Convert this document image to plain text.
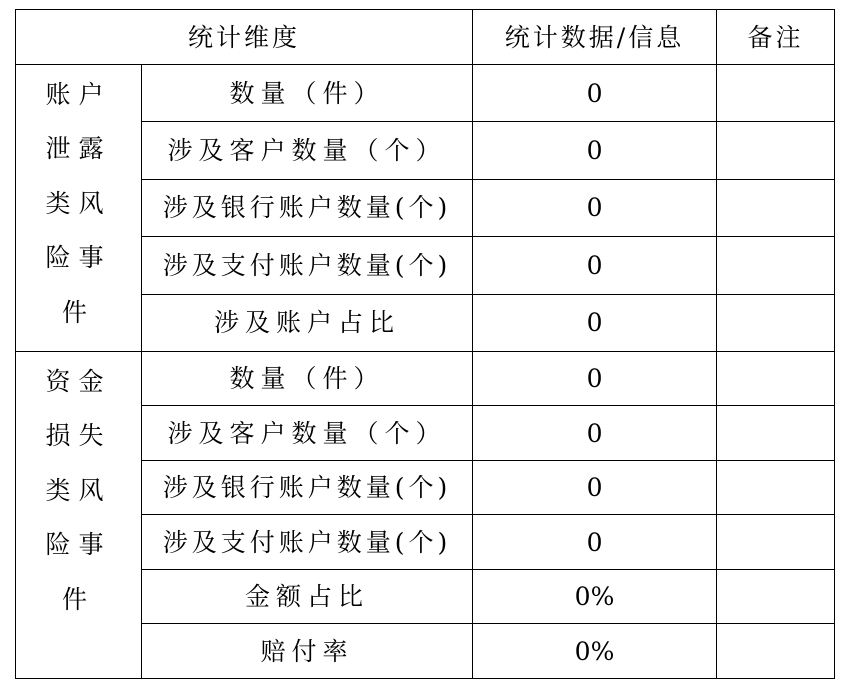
统计维度		统计数据/信息	备注

账户
泄露
类风
险事
件	数量（件）	0	
	涉及客户数量（个）	0	
	涉及银行账户数量(个)	0	
	涉及支付账户数量(个)	0	
	涉及账户占比	0	

资金
损失
类风
险事
件	数量（件）	0	
	涉及客户数量（个）	0	
	涉及银行账户数量(个)	0	
	涉及支付账户数量(个)	0	
	金额占比	0%	
	赔付率	0%	
